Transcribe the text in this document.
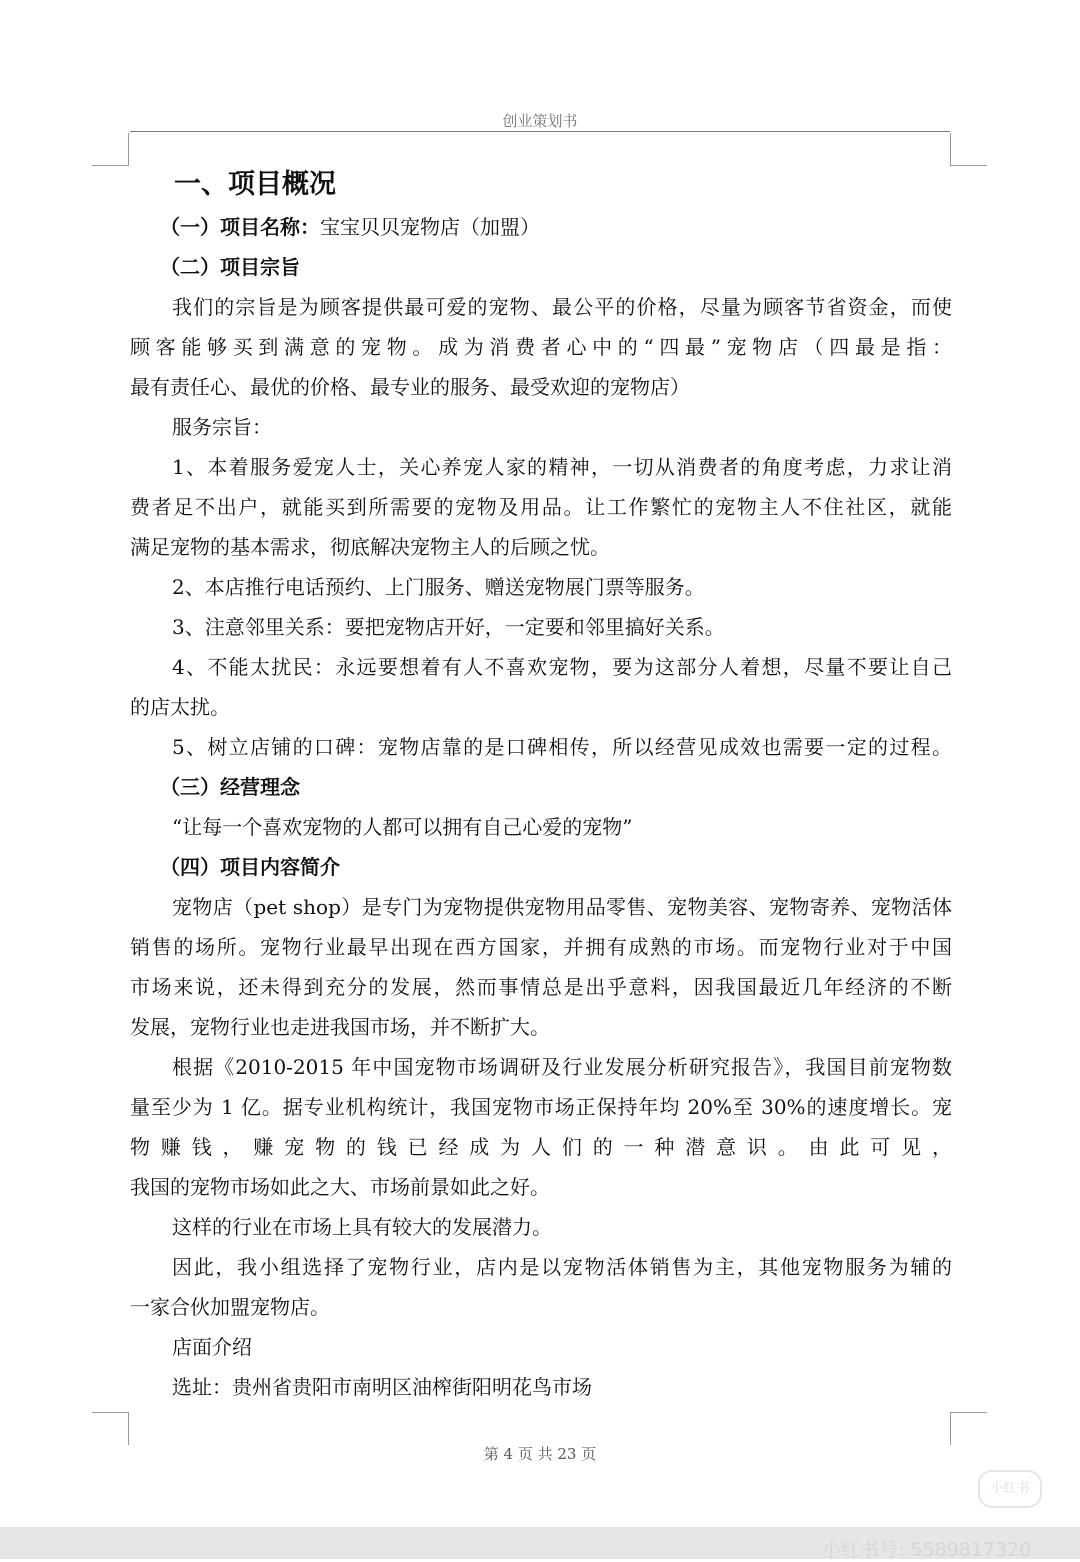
创业策划书
一、项目概况
（一）项目名称：宝宝贝贝宠物店（加盟）
（二）项目宗旨
我们的宗旨是为顾客提供最可爱的宠物、最公平的价格，尽量为顾客节省资金，而使
顾客能够买到满意的宠物。成为消费者心中的“四最”宠物店（四最是指：
最有责任心、最优的价格、最专业的服务、最受欢迎的宠物店）
服务宗旨：
1、本着服务爱宠人士，关心养宠人家的精神，一切从消费者的角度考虑，力求让消
费者足不出户，就能买到所需要的宠物及用品。让工作繁忙的宠物主人不住社区，就能
满足宠物的基本需求，彻底解决宠物主人的后顾之忧。
2、本店推行电话预约、上门服务、赠送宠物展门票等服务。
3、注意邻里关系：要把宠物店开好，一定要和邻里搞好关系。
4、不能太扰民：永远要想着有人不喜欢宠物，要为这部分人着想，尽量不要让自己
的店太扰。
5、树立店铺的口碑：宠物店靠的是口碑相传，所以经营见成效也需要一定的过程。
（三）经营理念
“让每一个喜欢宠物的人都可以拥有自己心爱的宠物”
（四）项目内容简介
宠物店（pet shop）是专门为宠物提供宠物用品零售、宠物美容、宠物寄养、宠物活体
销售的场所。宠物行业最早出现在西方国家，并拥有成熟的市场。而宠物行业对于中国
市场来说，还未得到充分的发展，然而事情总是出乎意料，因我国最近几年经济的不断
发展，宠物行业也走进我国市场，并不断扩大。
根据《2010-2015 年中国宠物市场调研及行业发展分析研究报告》，我国目前宠物数
量至少为 1 亿。据专业机构统计，我国宠物市场正保持年均 20%至 30%的速度增长。宠
物赚钱，赚宠物的钱已经成为人们的一种潜意识。由此可见，
我国的宠物市场如此之大、市场前景如此之好。
这样的行业在市场上具有较大的发展潜力。
因此，我小组选择了宠物行业，店内是以宠物活体销售为主，其他宠物服务为辅的
一家合伙加盟宠物店。
店面介绍
选址：贵州省贵阳市南明区油榨街阳明花鸟市场
第 4 页 共 23 页
小红书
小红书号: 5589817320
